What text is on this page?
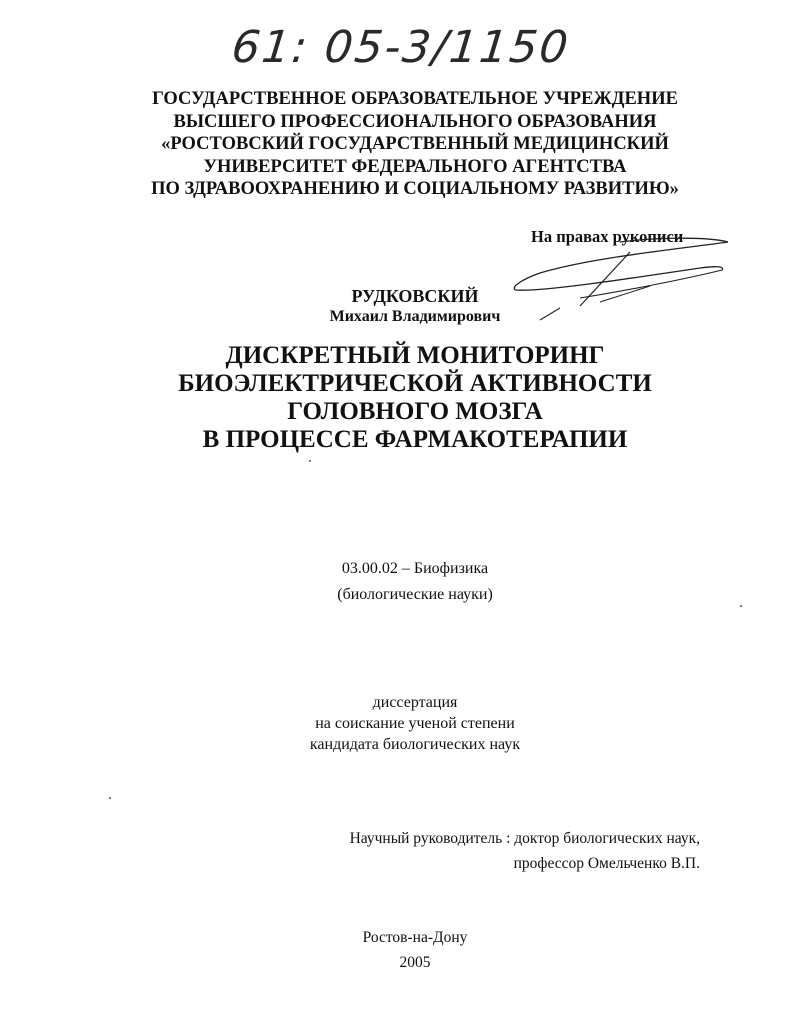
61: 05-3/1150
ГОСУДАРСТВЕННОЕ ОБРАЗОВАТЕЛЬНОЕ УЧРЕЖДЕНИЕ
ВЫСШЕГО ПРОФЕССИОНАЛЬНОГО ОБРАЗОВАНИЯ
«РОСТОВСКИЙ ГОСУДАРСТВЕННЫЙ МЕДИЦИНСКИЙ
УНИВЕРСИТЕТ ФЕДЕРАЛЬНОГО АГЕНТСТВА
ПО ЗДРАВООХРАНЕНИЮ И СОЦИАЛЬНОМУ РАЗВИТИЮ»
На правах рукописи
РУДКОВСКИЙ
Михаил Владимирович
ДИСКРЕТНЫЙ МОНИТОРИНГ
БИОЭЛЕКТРИЧЕСКОЙ АКТИВНОСТИ
ГОЛОВНОГО МОЗГА
В ПРОЦЕССЕ ФАРМАКОТЕРАПИИ
03.00.02 – Биофизика
(биологические науки)
диссертация
на соискание ученой степени
кандидата биологических наук
Научный руководитель : доктор биологических наук,
профессор Омельченко В.П.
Ростов-на-Дону
2005
